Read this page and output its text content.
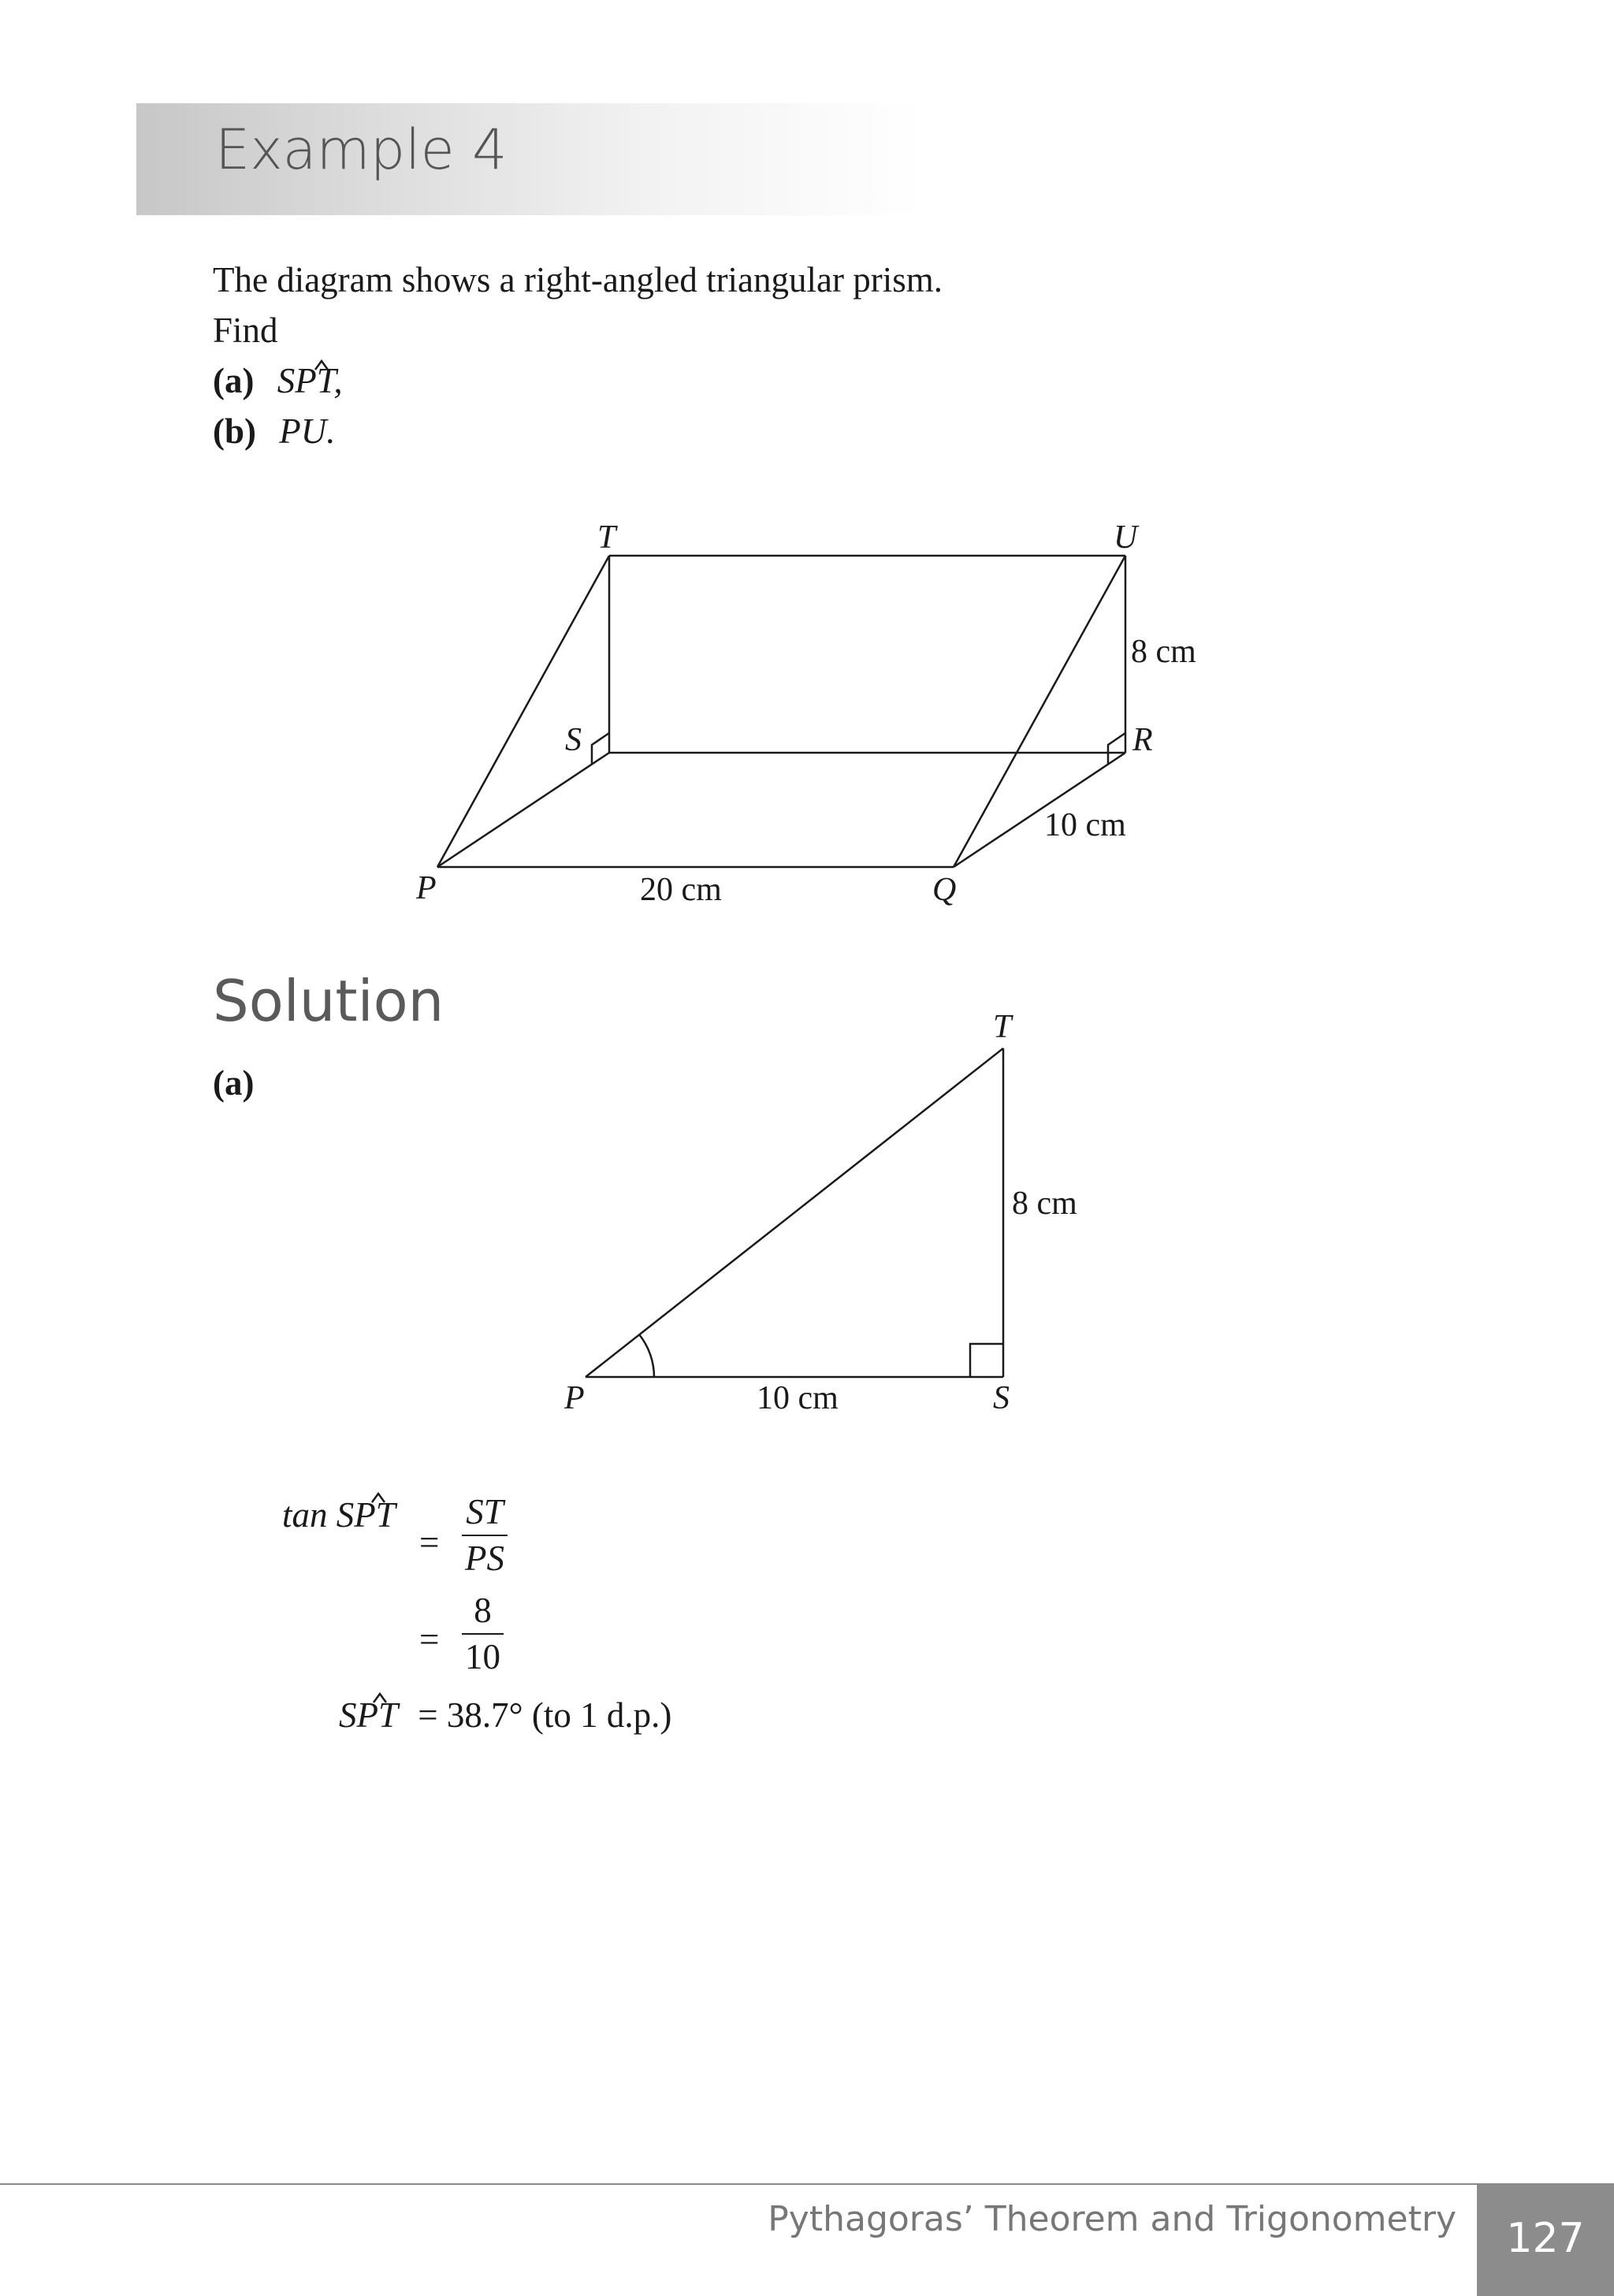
Example 4
The diagram shows a right-angled triangular prism.
Find
(a) SPT,
(b) PU.
T	U
S	R
P	Q
8 cm
10 cm
20 cm
Solution
(a)
T
P	S
8 cm
10 cm
tan SPT
= $\frac{ST}{PS}$
= $\frac{8}{10}$
SPT = 38.7° (to 1 d.p.)
Pythagoras’ Theorem and Trigonometry	127
